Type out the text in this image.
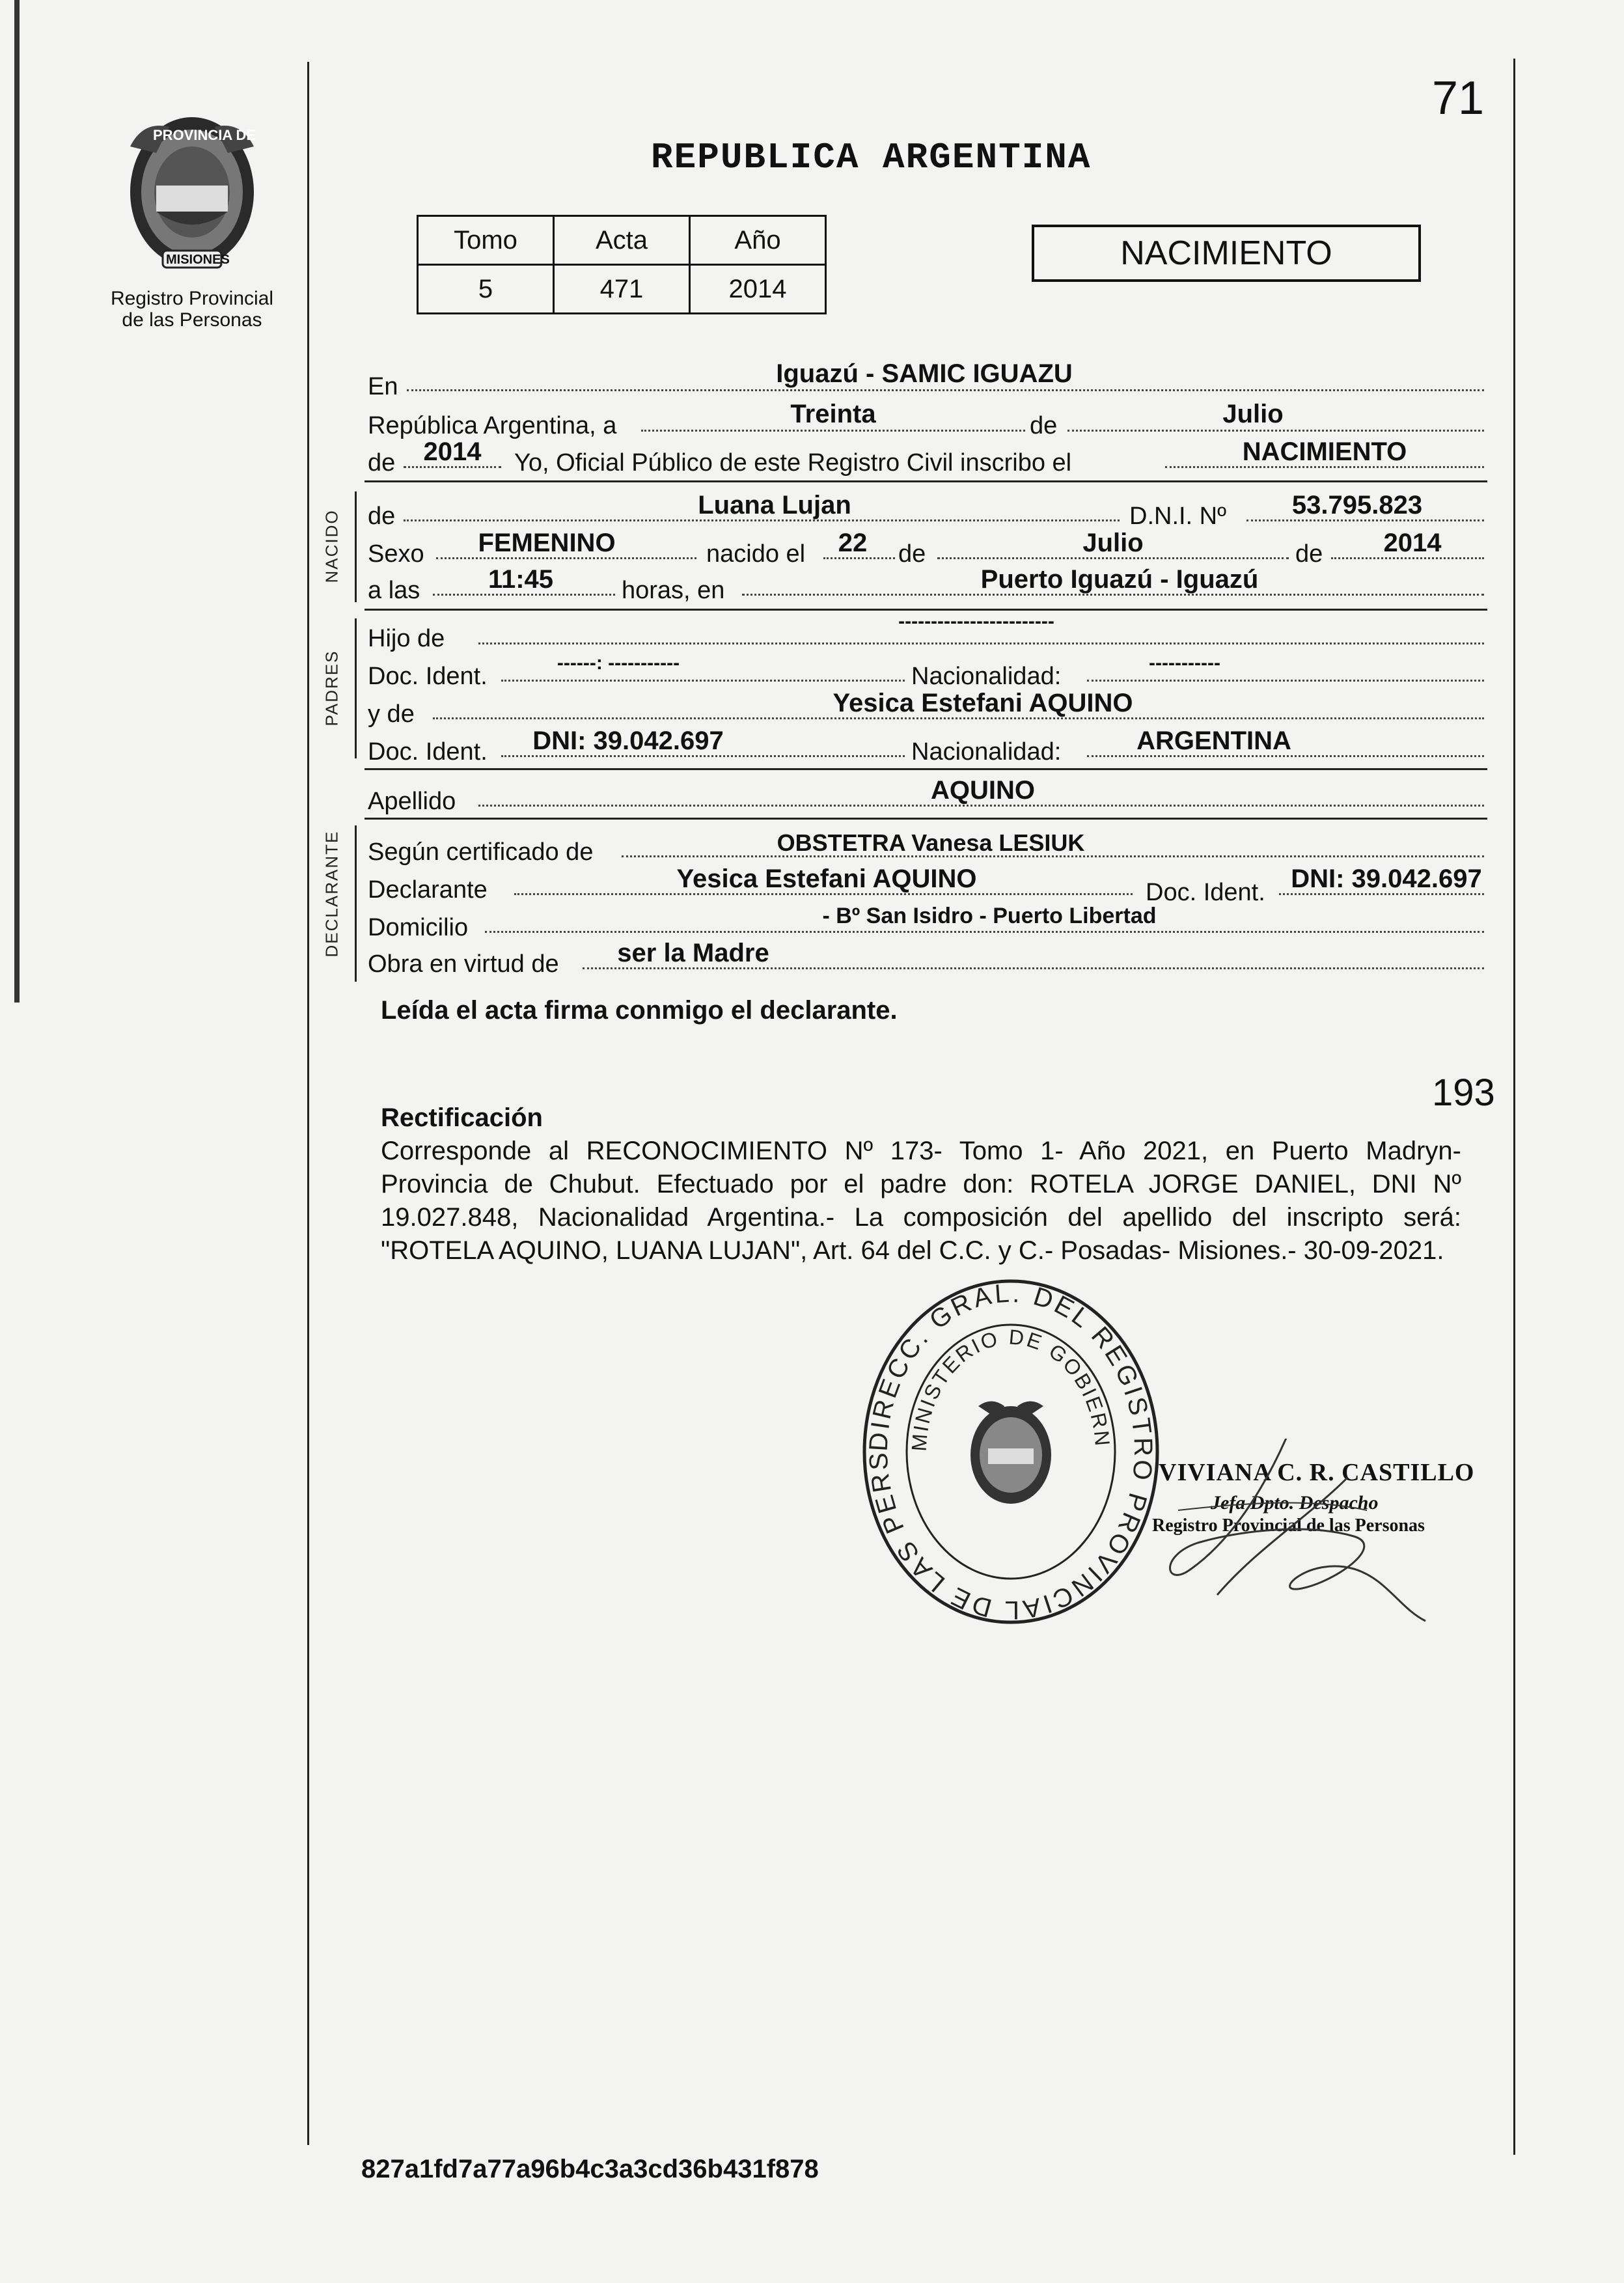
71
PROVINCIA DE
MISIONES
Registro Provincial
de las Personas
REPUBLICA ARGENTINA
Tomo	Acta	Año
5	471	2014
NACIMIENTO
En	Iguazú - SAMIC IGUAZU
República Argentina, a	Treinta	de	Julio
de	2014	Yo, Oficial Público de este Registro Civil inscribo el	NACIMIENTO
NACIDO de	Luana Lujan	D.N.I. Nº	53.795.823
Sexo	FEMENINO	nacido el	22	de	Julio	de	2014
a las	11:45	horas, en	Puerto Iguazú - Iguazú
PADRES
Hijo de
------------------------
Doc. Ident.	------: -----------	Nacionalidad:	-----------
y de	Yesica Estefani AQUINO
Doc. Ident.	DNI: 39.042.697	Nacionalidad:	ARGENTINA
Apellido	AQUINO
DECLARANTE Según certificado de	OBSTETRA Vanesa LESIUK
Declarante	Yesica Estefani AQUINO	Doc. Ident. DNI: 39.042.697
Domicilio	- Bº San Isidro - Puerto Libertad
Obra en virtud de	ser la Madre
Leída el acta firma conmigo el declarante.
193
Rectificación
Corresponde al RECONOCIMIENTO Nº 173- Tomo 1- Año 2021, en Puerto Madryn- Provincia de Chubut. Efectuado por el padre don: ROTELA JORGE DANIEL, DNI Nº 19.027.848, Nacionalidad Argentina.- La composición del apellido del inscripto será: "ROTELA AQUINO, LUANA LUJAN", Art. 64 del C.C. y C.- Posadas- Misiones.- 30-09-2021.
DIRECC. GRAL. DEL REGISTRO PROVINCIAL DE LAS PERS
MINISTERIO DE GOBIERN
VIVIANA C. R. CASTILLO
Jefa Dpto. Despacho
Registro Provincial de las Personas
827a1fd7a77a96b4c3a3cd36b431f878
